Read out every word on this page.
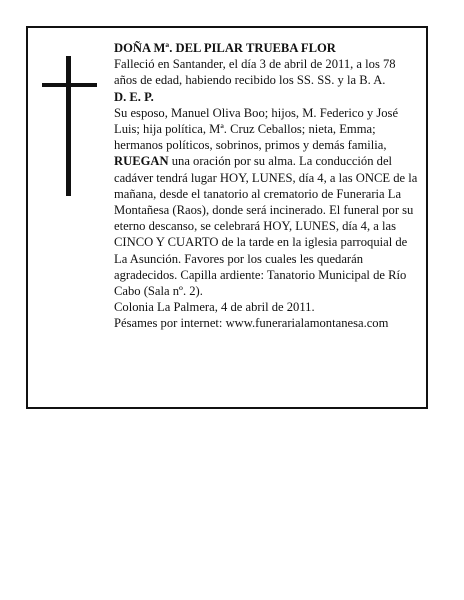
DOÑA Mª. DEL PILAR TRUEBA FLOR

Falleció en Santander, el día 3 de abril de 2011, a los 78 años de edad, habiendo recibido los SS. SS. y la B. A.

D. E. P.

Su esposo, Manuel Oliva Boo; hijos, M. Federico y José Luis; hija política, Mª. Cruz Ceballos; nieta, Emma; hermanos políticos, sobrinos, primos y demás familia,

RUEGAN una oración por su alma. La conducción del cadáver tendrá lugar HOY, LUNES, día 4, a las ONCE de la mañana, desde el tanatorio al crematorio de Funeraria La Montañesa (Raos), donde será incinerado. El funeral por su eterno descanso, se celebrará HOY, LUNES, día 4, a las CINCO Y CUARTO de la tarde en la iglesia parroquial de La Asunción. Favores por los cuales les quedarán agradecidos. Capilla ardiente: Tanatorio Municipal de Río Cabo (Sala nº. 2).

Colonia La Palmera, 4 de abril de 2011.

Pésames por internet: www.funerarialamontanesa.com
